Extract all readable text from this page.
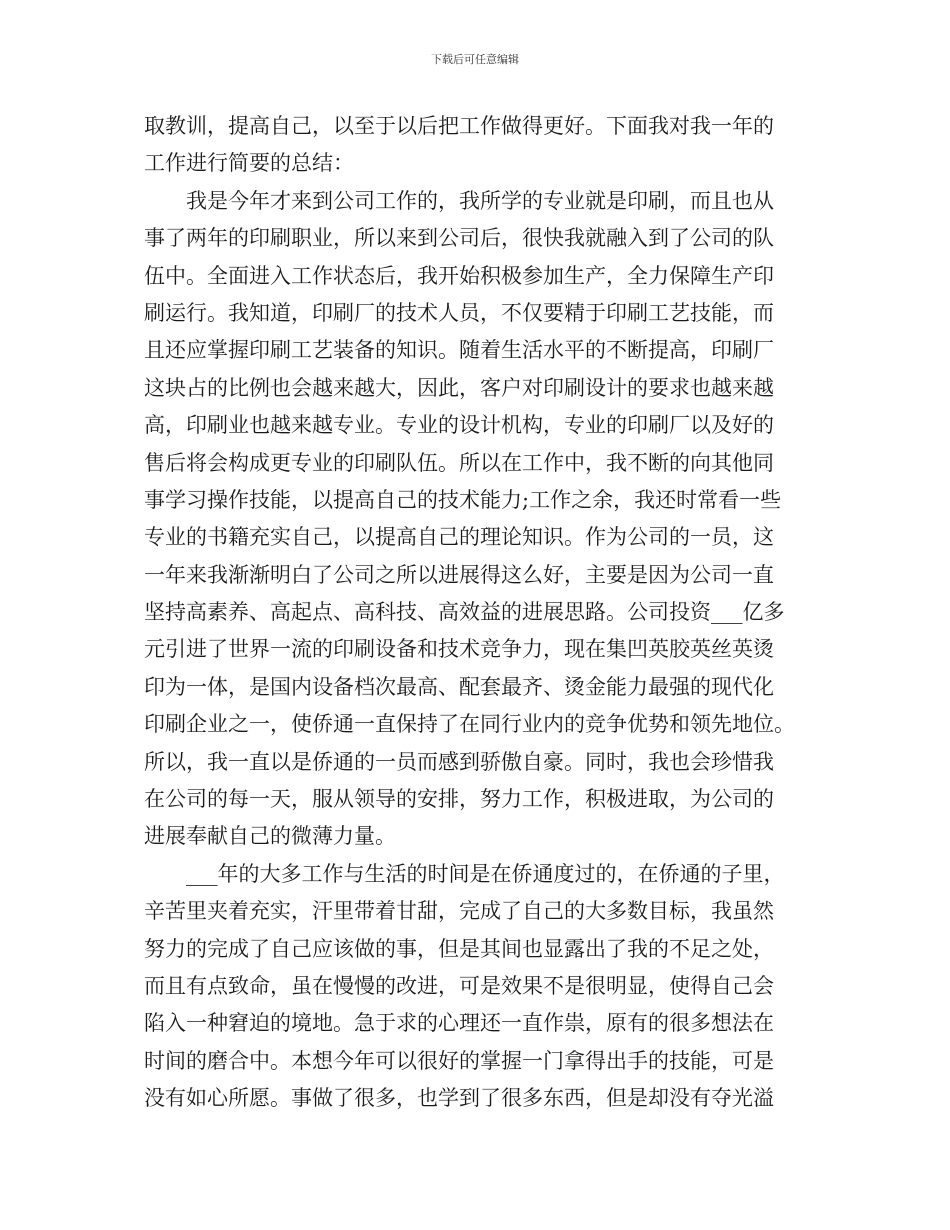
下载后可任意编辑
取教训，提高自己，以至于以后把工作做得更好。下面我对我一年的
工作进行简要的总结：
我是今年才来到公司工作的，我所学的专业就是印刷，而且也从
事了两年的印刷职业，所以来到公司后，很快我就融入到了公司的队
伍中。全面进入工作状态后，我开始积极参加生产，全力保障生产印
刷运行。我知道，印刷厂的技术人员，不仅要精于印刷工艺技能，而
且还应掌握印刷工艺装备的知识。随着生活水平的不断提高，印刷厂
这块占的比例也会越来越大，因此，客户对印刷设计的要求也越来越
高，印刷业也越来越专业。专业的设计机构，专业的印刷厂以及好的
售后将会构成更专业的印刷队伍。所以在工作中，我不断的向其他同
事学习操作技能，以提高自己的技术能力;工作之余，我还时常看一些
专业的书籍充实自己，以提高自己的理论知识。作为公司的一员，这
一年来我渐渐明白了公司之所以进展得这么好，主要是因为公司一直
坚持高素养、高起点、高科技、高效益的进展思路。公司投资___亿多
元引进了世界一流的印刷设备和技术竞争力，现在集凹英胶英丝英烫
印为一体，是国内设备档次最高、配套最齐、烫金能力最强的现代化
印刷企业之一，使侨通一直保持了在同行业内的竞争优势和领先地位。
所以，我一直以是侨通的一员而感到骄傲自豪。同时，我也会珍惜我
在公司的每一天，服从领导的安排，努力工作，积极进取，为公司的
进展奉献自己的微薄力量。
___年的大多工作与生活的时间是在侨通度过的，在侨通的子里，
辛苦里夹着充实，汗里带着甘甜，完成了自己的大多数目标，我虽然
努力的完成了自己应该做的事，但是其间也显露出了我的不足之处，
而且有点致命，虽在慢慢的改进，可是效果不是很明显，使得自己会
陷入一种窘迫的境地。急于求的心理还一直作祟，原有的很多想法在
时间的磨合中。本想今年可以很好的掌握一门拿得出手的技能，可是
没有如心所愿。事做了很多，也学到了很多东西，但是却没有夺光溢
